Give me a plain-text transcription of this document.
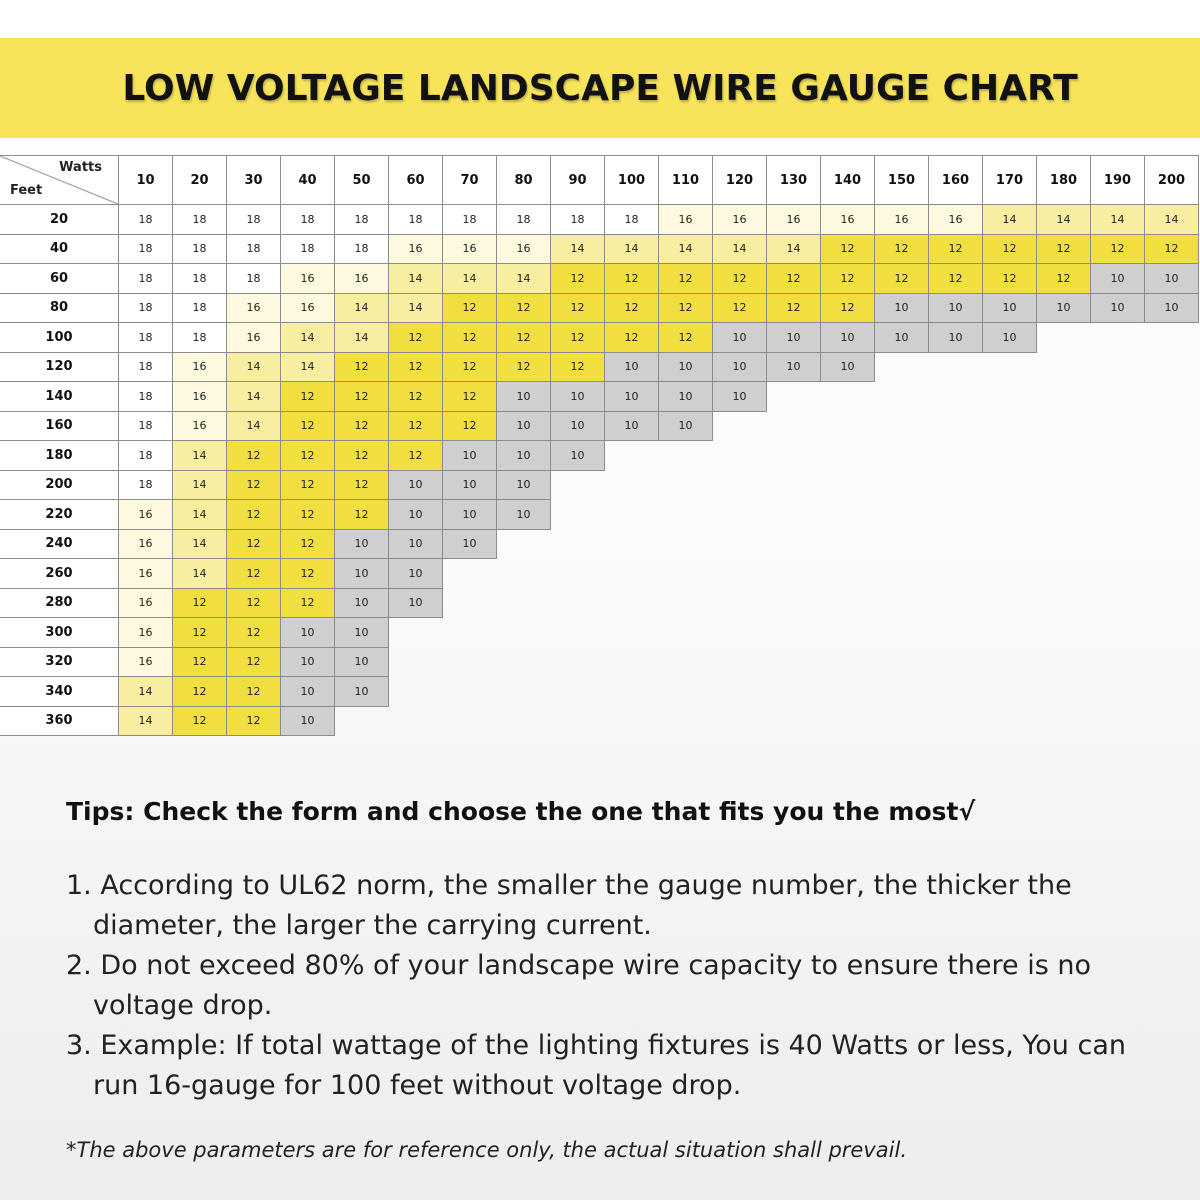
LOW VOLTAGE LANDSCAPE WIRE GAUGE CHART
Watts
Feet
10	20	30	40	50	60	70	80	90	100	110	120	130	140	150	160	170	180	190	200
20	18	18	18	18	18	18	18	18	18	18	16	16	16	16	16	16	14	14	14	14
40	18	18	18	18	18	16	16	16	14	14	14	14	14	12	12	12	12	12	12	12
60	18	18	18	16	16	14	14	14	12	12	12	12	12	12	12	12	12	12	10	10
80	18	18	16	16	14	14	12	12	12	12	12	12	12	12	10	10	10	10	10	10
100	18	18	16	14	14	12	12	12	12	12	12	10	10	10	10	10	10
120	18	16	14	14	12	12	12	12	12	10	10	10	10	10
140	18	16	14	12	12	12	12	10	10	10	10	10
160	18	16	14	12	12	12	12	10	10	10	10
180	18	14	12	12	12	12	10	10	10
200	18	14	12	12	12	10	10	10
220	16	14	12	12	12	10	10	10
240	16	14	12	12	10	10	10
260	16	14	12	12	10	10
280	16	12	12	12	10	10
300	16	12	12	10	10
320	16	12	12	10	10
340	14	12	12	10	10
360	14	12	12	10
Tips: Check the form and choose the one that fits you the most√
1. According to UL62 norm, the smaller the gauge number, the thicker the diameter, the larger the carrying current.
2. Do not exceed 80% of your landscape wire capacity to ensure there is no voltage drop.
3. Example: If total wattage of the lighting fixtures is 40 Watts or less, You can run 16-gauge for 100 feet without voltage drop.

*The above parameters are for reference only, the actual situation shall prevail.
